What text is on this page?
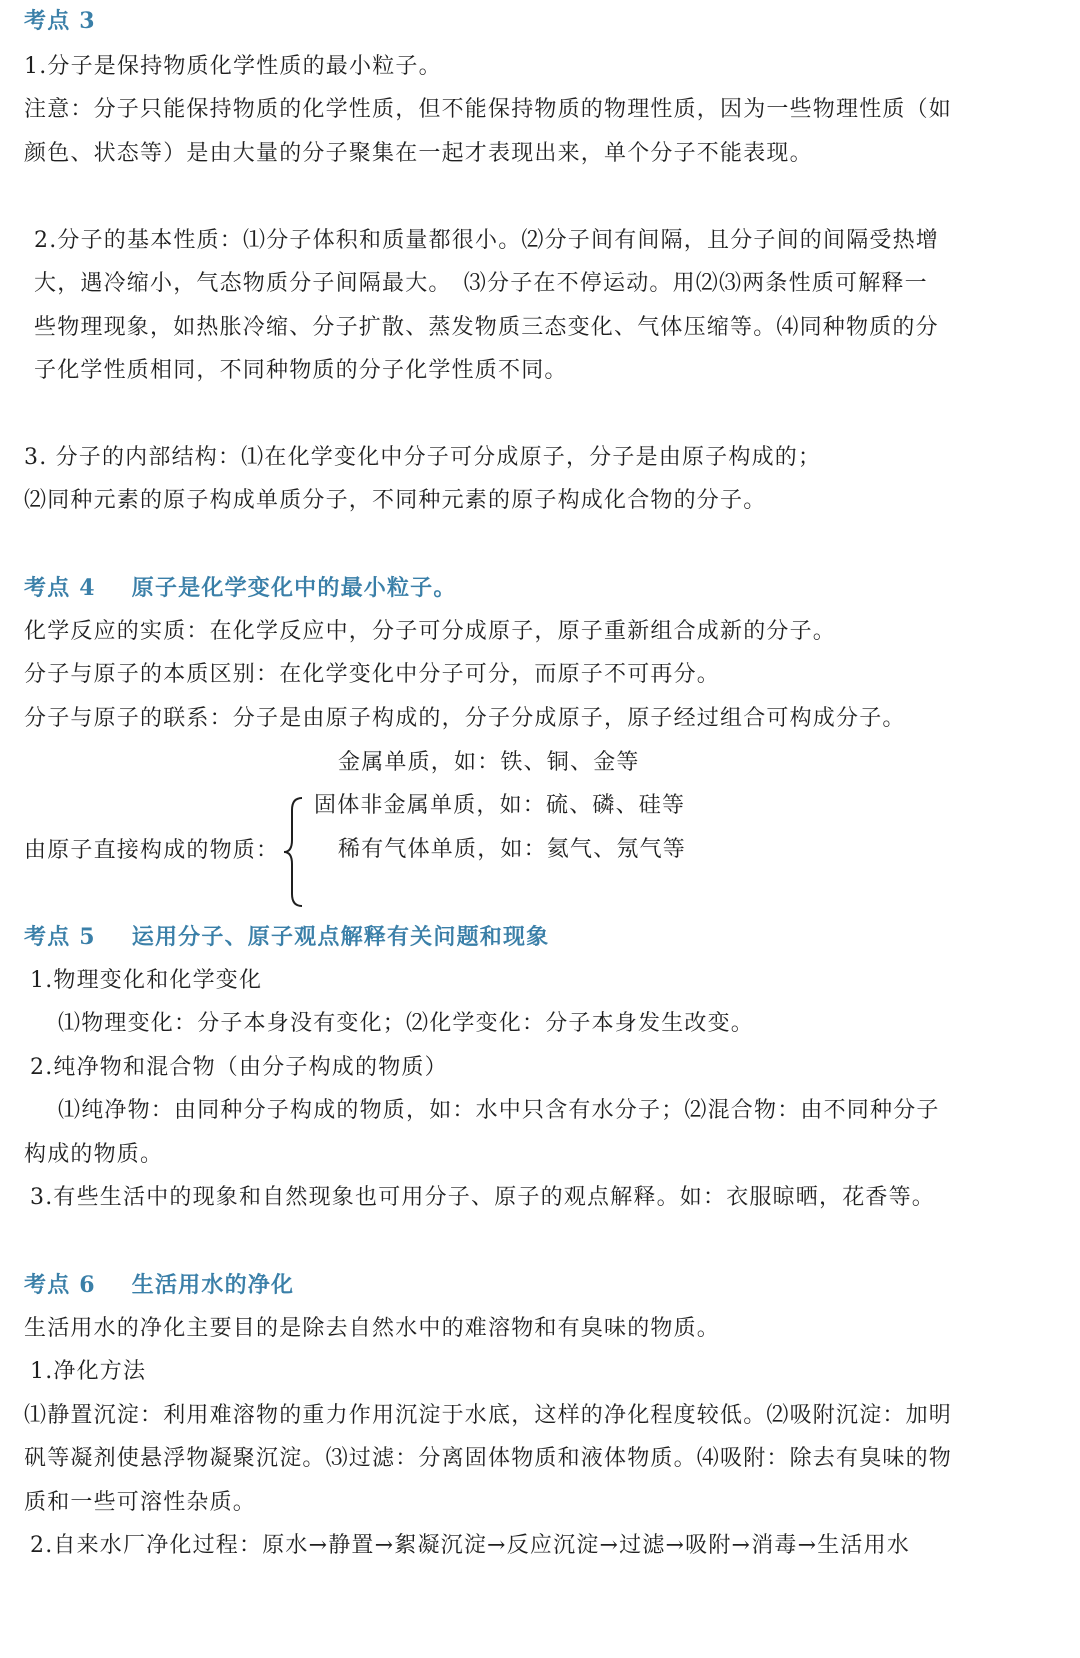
考点 3
1.分子是保持物质化学性质的最小粒子。
注意：分子只能保持物质的化学性质，但不能保持物质的物理性质，因为一些物理性质（如
颜色、状态等）是由大量的分子聚集在一起才表现出来，单个分子不能表现。
2.分子的基本性质：⑴分子体积和质量都很小。⑵分子间有间隔，且分子间的间隔受热增
大，遇冷缩小，气态物质分子间隔最大。　⑶分子在不停运动。用⑵⑶两条性质可解释一
些物理现象，如热胀冷缩、分子扩散、蒸发物质三态变化、气体压缩等。⑷同种物质的分
子化学性质相同，不同种物质的分子化学性质不同。
3. 分子的内部结构：⑴在化学变化中分子可分成原子，分子是由原子构成的；
⑵同种元素的原子构成单质分子，不同种元素的原子构成化合物的分子。
考点 4 原子是化学变化中的最小粒子。
化学反应的实质：在化学反应中，分子可分成原子，原子重新组合成新的分子。
分子与原子的本质区别：在化学变化中分子可分，而原子不可再分。
分子与原子的联系：分子是由原子构成的，分子分成原子，原子经过组合可构成分子。
由原子直接构成的物质：
金属单质，如：铁、铜、金等
固体非金属单质，如：硫、磷、硅等
稀有气体单质，如：氦气、氖气等
考点 5 运用分子、原子观点解释有关问题和现象
1.物理变化和化学变化
⑴物理变化：分子本身没有变化；⑵化学变化：分子本身发生改变。
2.纯净物和混合物（由分子构成的物质）
⑴纯净物：由同种分子构成的物质，如：水中只含有水分子；⑵混合物：由不同种分子
构成的物质。
3.有些生活中的现象和自然现象也可用分子、原子的观点解释。如：衣服晾晒，花香等。
考点 6 生活用水的净化
生活用水的净化主要目的是除去自然水中的难溶物和有臭味的物质。
1.净化方法
⑴静置沉淀：利用难溶物的重力作用沉淀于水底，这样的净化程度较低。⑵吸附沉淀：加明
矾等凝剂使悬浮物凝聚沉淀。⑶过滤：分离固体物质和液体物质。⑷吸附：除去有臭味的物
质和一些可溶性杂质。
2.自来水厂净化过程：原水→静置→絮凝沉淀→反应沉淀→过滤→吸附→消毒→生活用水
